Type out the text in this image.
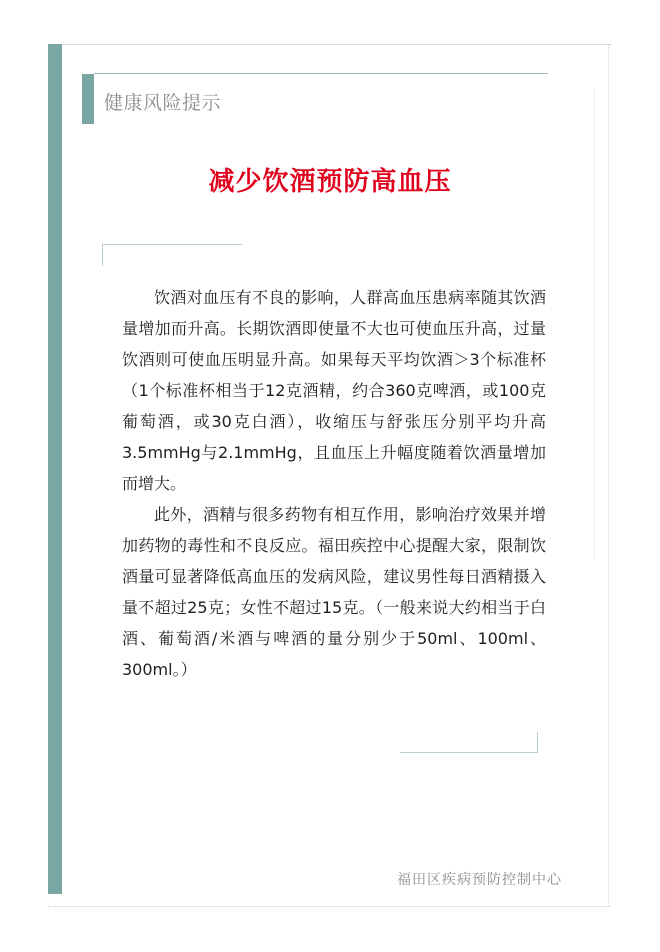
健康风险提示
减少饮酒预防高血压

饮酒对血压有不良的影响，人群高血压患病率随其饮酒量增加而升高。长期饮酒即使量不大也可使血压升高，过量饮酒则可使血压明显升高。如果每天平均饮酒＞3个标准杯（1个标准杯相当于12克酒精，约合360克啤酒，或100克葡萄酒，或30克白酒），收缩压与舒张压分别平均升高3.5mmHg与2.1mmHg，且血压上升幅度随着饮酒量增加而增大。

此外，酒精与很多药物有相互作用，影响治疗效果并增加药物的毒性和不良反应。福田疾控中心提醒大家，限制饮酒量可显著降低高血压的发病风险，建议男性每日酒精摄入量不超过25克；女性不超过15克。（一般来说大约相当于白酒、葡萄酒/米酒与啤酒的量分别少于50ml、100ml、300ml。）

福田区疾病预防控制中心
